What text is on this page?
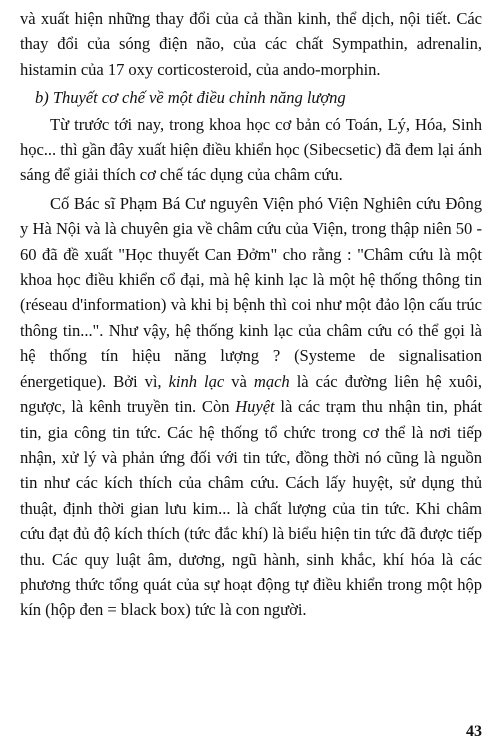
và xuất hiện những thay đổi của cả thần kinh, thể dịch, nội tiết. Các thay đổi của sóng điện não, của các chất Sympathin, adrenalin, histamin của 17 oxy corticosteroid, của ando-morphin.

b) Thuyết cơ chế về một điều chỉnh năng lượng

Từ trước tới nay, trong khoa học cơ bản có Toán, Lý, Hóa, Sinh học... thì gần đây xuất hiện điều khiển học (Sibecsetic) đã đem lại ánh sáng để giải thích cơ chế tác dụng của châm cứu.

Cố Bác sĩ Phạm Bá Cư nguyên Viện phó Viện Nghiên cứu Đông y Hà Nội và là chuyên gia về châm cứu của Viện, trong thập niên 50 - 60 đã đề xuất "Học thuyết Can Đởm" cho rằng : "Châm cứu là một khoa học điều khiển cổ đại, mà hệ kinh lạc là một hệ thống thông tin (réseau d'information) và khi bị bệnh thì coi như một đảo lộn cấu trúc thông tin...". Như vậy, hệ thống kinh lạc của châm cứu có thể gọi là hệ thống tín hiệu năng lượng ? (Systeme de signalisation énergetique). Bởi vì, kinh lạc và mạch là các đường liên hệ xuôi, ngược, là kênh truyền tin. Còn Huyệt là các trạm thu nhận tin, phát tin, gia công tin tức. Các hệ thống tổ chức trong cơ thể là nơi tiếp nhận, xử lý và phản ứng đối với tin tức, đồng thời nó cũng là nguồn tin như các kích thích của châm cứu. Cách lấy huyệt, sử dụng thủ thuật, định thời gian lưu kim... là chất lượng của tin tức. Khi châm cứu đạt đủ độ kích thích (tức đắc khí) là biểu hiện tin tức đã được tiếp thu. Các quy luật âm, dương, ngũ hành, sinh khắc, khí hóa là các phương thức tổng quát của sự hoạt động tự điều khiển trong một hộp kín (hộp đen = black box) tức là con người.

43
